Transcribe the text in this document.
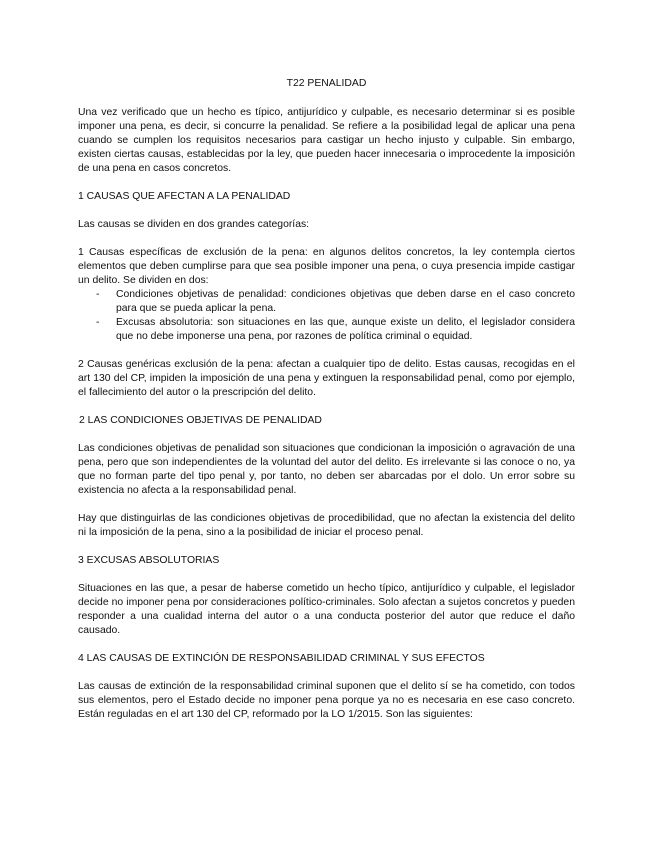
T22 PENALIDAD

Una vez verificado que un hecho es típico, antijurídico y culpable, es necesario determinar si es posible imponer una pena, es decir, si concurre la penalidad. Se refiere a la posibilidad legal de aplicar una pena cuando se cumplen los requisitos necesarios para castigar un hecho injusto y culpable. Sin embargo, existen ciertas causas, establecidas por la ley, que pueden hacer innecesaria o improcedente la imposición de una pena en casos concretos.

1 CAUSAS QUE AFECTAN A LA PENALIDAD

Las causas se dividen en dos grandes categorías:

1 Causas específicas de exclusión de la pena: en algunos delitos concretos, la ley contempla ciertos elementos que deben cumplirse para que sea posible imponer una pena, o cuya presencia impide castigar un delito. Se dividen en dos:

- Condiciones objetivas de penalidad: condiciones objetivas que deben darse en el caso concreto para que se pueda aplicar la pena.
- Excusas absolutoria: son situaciones en las que, aunque existe un delito, el legislador considera que no debe imponerse una pena, por razones de política criminal o equidad.

2 Causas genéricas exclusión de la pena: afectan a cualquier tipo de delito. Estas causas, recogidas en el art 130 del CP, impiden la imposición de una pena y extinguen la responsabilidad penal, como por ejemplo, el fallecimiento del autor o la prescripción del delito.

2 LAS CONDICIONES OBJETIVAS DE PENALIDAD

Las condiciones objetivas de penalidad son situaciones que condicionan la imposición o agravación de una pena, pero que son independientes de la voluntad del autor del delito. Es irrelevante si las conoce o no, ya que no forman parte del tipo penal y, por tanto, no deben ser abarcadas por el dolo. Un error sobre su existencia no afecta a la responsabilidad penal.

Hay que distinguirlas de las condiciones objetivas de procedibilidad, que no afectan la existencia del delito ni la imposición de la pena, sino a la posibilidad de iniciar el proceso penal.

3 EXCUSAS ABSOLUTORIAS

Situaciones en las que, a pesar de haberse cometido un hecho típico, antijurídico y culpable, el legislador decide no imponer pena por consideraciones político-criminales. Solo afectan a sujetos concretos y pueden responder a una cualidad interna del autor o a una conducta posterior del autor que reduce el daño causado.

4 LAS CAUSAS DE EXTINCIÓN DE RESPONSABILIDAD CRIMINAL Y SUS EFECTOS

Las causas de extinción de la responsabilidad criminal suponen que el delito sí se ha cometido, con todos sus elementos, pero el Estado decide no imponer pena porque ya no es necesaria en ese caso concreto. Están reguladas en el art 130 del CP, reformado por la LO 1/2015. Son las siguientes:
